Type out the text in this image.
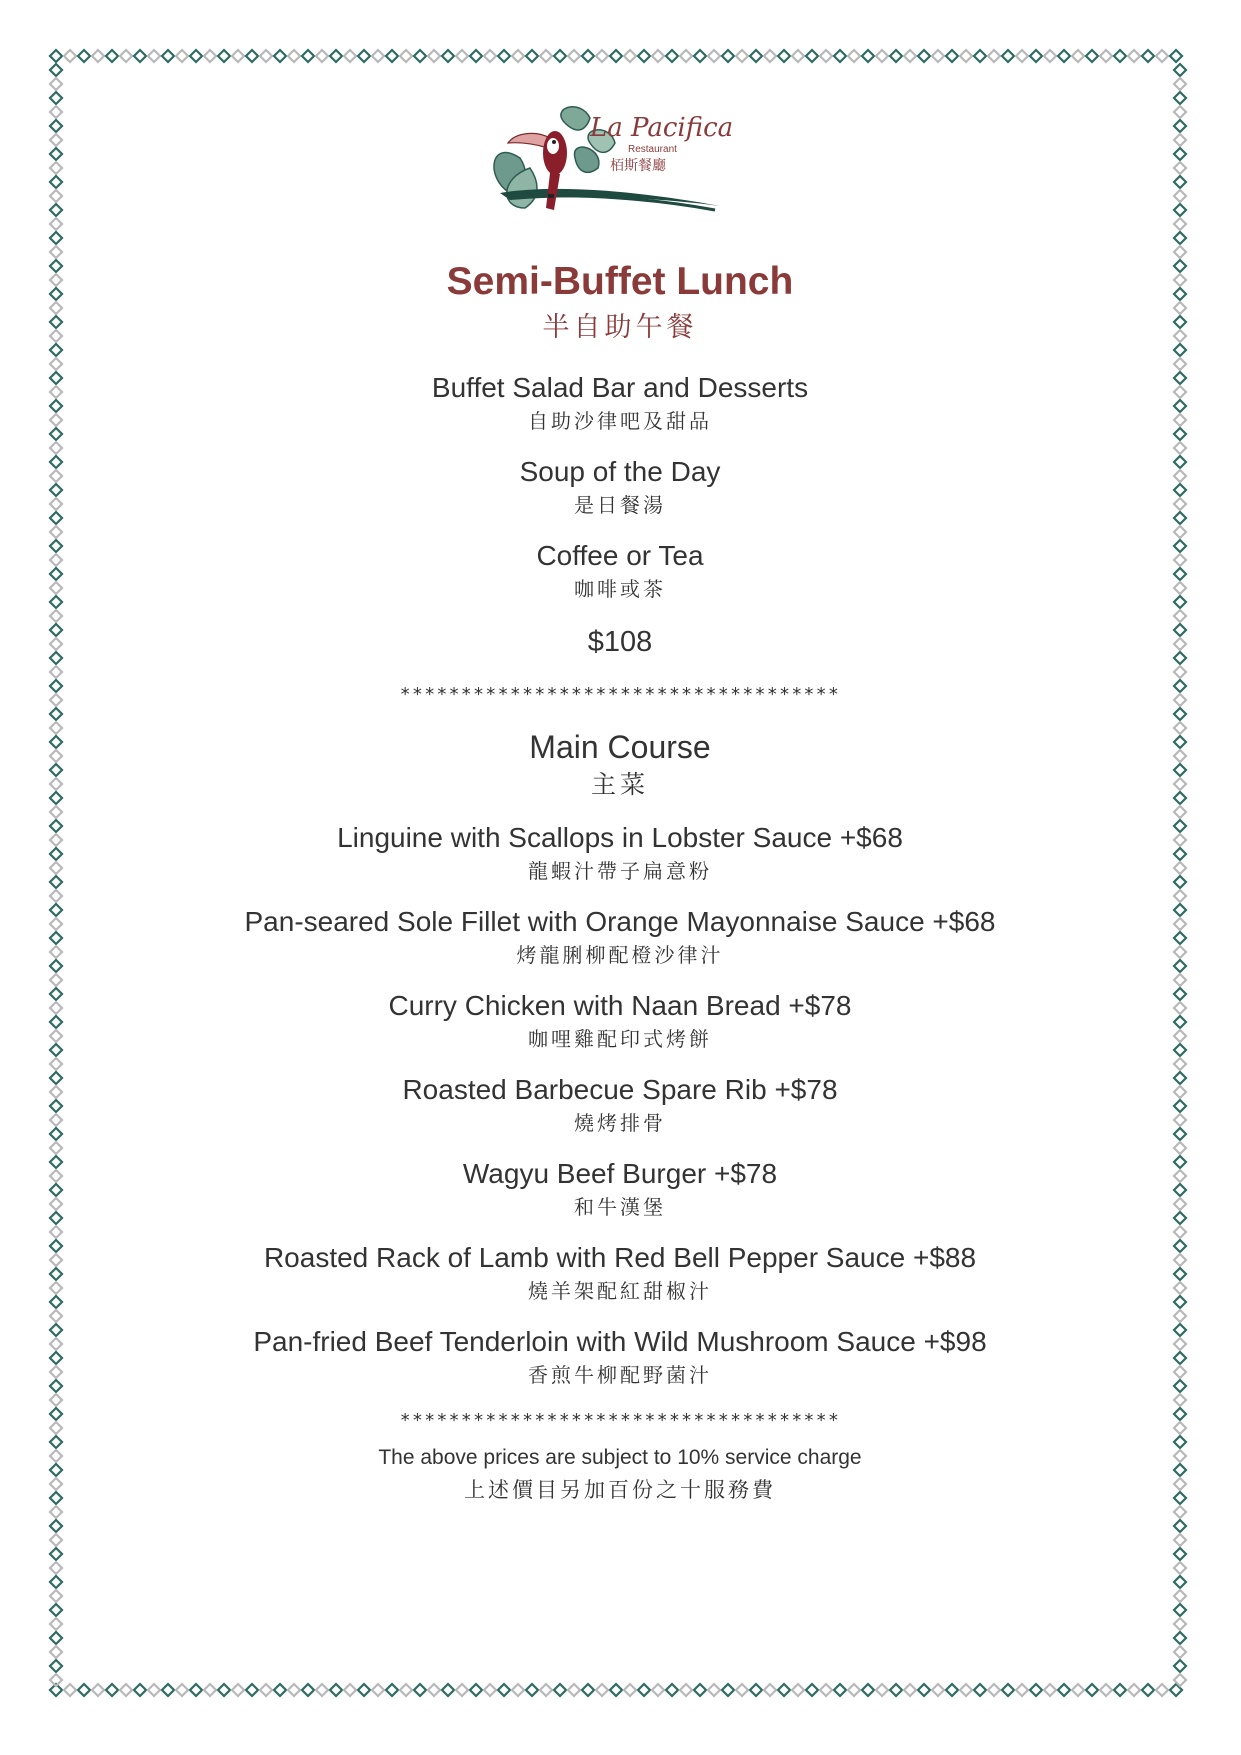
La Pacifica
Restaurant
栢斯餐廳
Semi-Buffet Lunch
半自助午餐
Buffet Salad Bar and Desserts
自助沙律吧及甜品
Soup of the Day
是日餐湯
Coffee or Tea
咖啡或茶
$108
************************************
Main Course
主菜
Linguine with Scallops in Lobster Sauce +$68
龍蝦汁帶子扁意粉
Pan-seared Sole Fillet with Orange Mayonnaise Sauce +$68
烤龍脷柳配橙沙律汁
Curry Chicken with Naan Bread +$78
咖哩雞配印式烤餅
Roasted Barbecue Spare Rib +$78
燒烤排骨
Wagyu Beef Burger +$78
和牛漢堡
Roasted Rack of Lamb with Red Bell Pepper Sauce +$88
燒羊架配紅甜椒汁
Pan-fried Beef Tenderloin with Wild Mushroom Sauce +$98
香煎牛柳配野菌汁
************************************
The above prices are subject to 10% service charge
上述價目另加百份之十服務費
